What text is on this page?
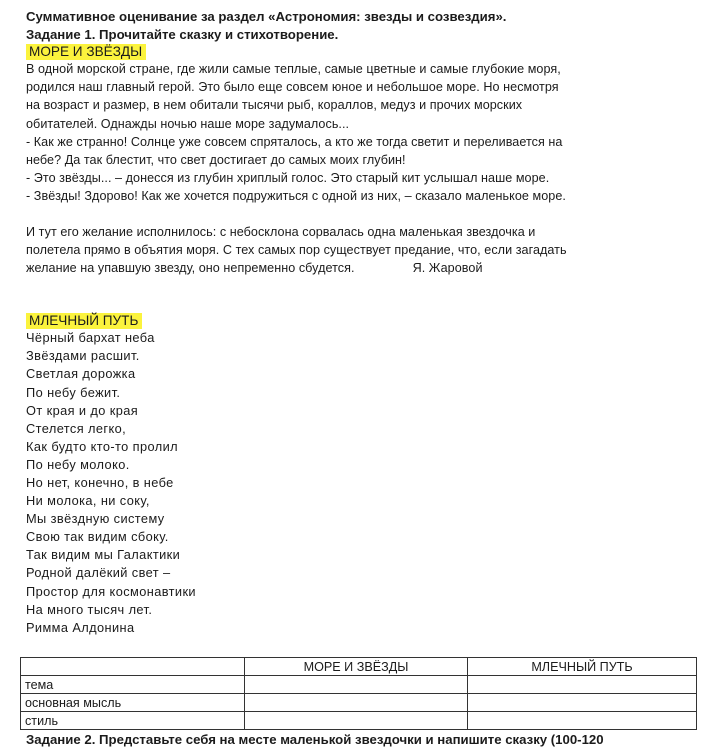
Суммативное оценивание за раздел «Астрономия: звезды и созвездия».

Задание 1. Прочитайте сказку и стихотворение.

МОРЕ И ЗВЁЗДЫ

В одной морской стране, где жили самые теплые, самые цветные и самые глубокие моря,

родился наш главный герой. Это было еще совсем юное и небольшое море. Но несмотря

на возраст и размер, в нем обитали тысячи рыб, кораллов, медуз и прочих морских

обитателей. Однажды ночью наше море задумалось...

- Как же странно! Солнце уже совсем спряталось, а кто же тогда светит и переливается на

небе? Да так блестит, что свет достигает до самых моих глубин!

- Это звёзды... – донесся из глубин хриплый голос. Это старый кит услышал наше море.

- Звёзды! Здорово! Как же хочется подружиться с одной из них, – сказало маленькое море.

И тут его желание исполнилось: с небосклона сорвалась одна маленькая звездочка и

полетела прямо в объятия моря. С тех самых пор существует предание, что, если загадать

желание на упавшую звезду, оно непременно сбудется.	Я. Жаровой

МЛЕЧНЫЙ ПУТЬ

Чёрный бархат неба

Звёздами расшит.

Светлая дорожка

По небу бежит.

От края и до края

Стелется легко,

Как будто кто-то пролил

По небу молоко.

Но нет, конечно, в небе

Ни молока, ни соку,

Мы звёздную систему

Свою так видим сбоку.

Так видим мы Галактики

Родной далёкий свет –

Простор для космонавтики

На много тысяч лет.

Римма Алдонина

	МОРЕ И ЗВЁЗДЫ	МЛЕЧНЫЙ ПУТЬ
тема		
основная мысль		
стиль		
Задание 2. Представьте себя на месте маленькой звездочки и напишите сказку (100-120
